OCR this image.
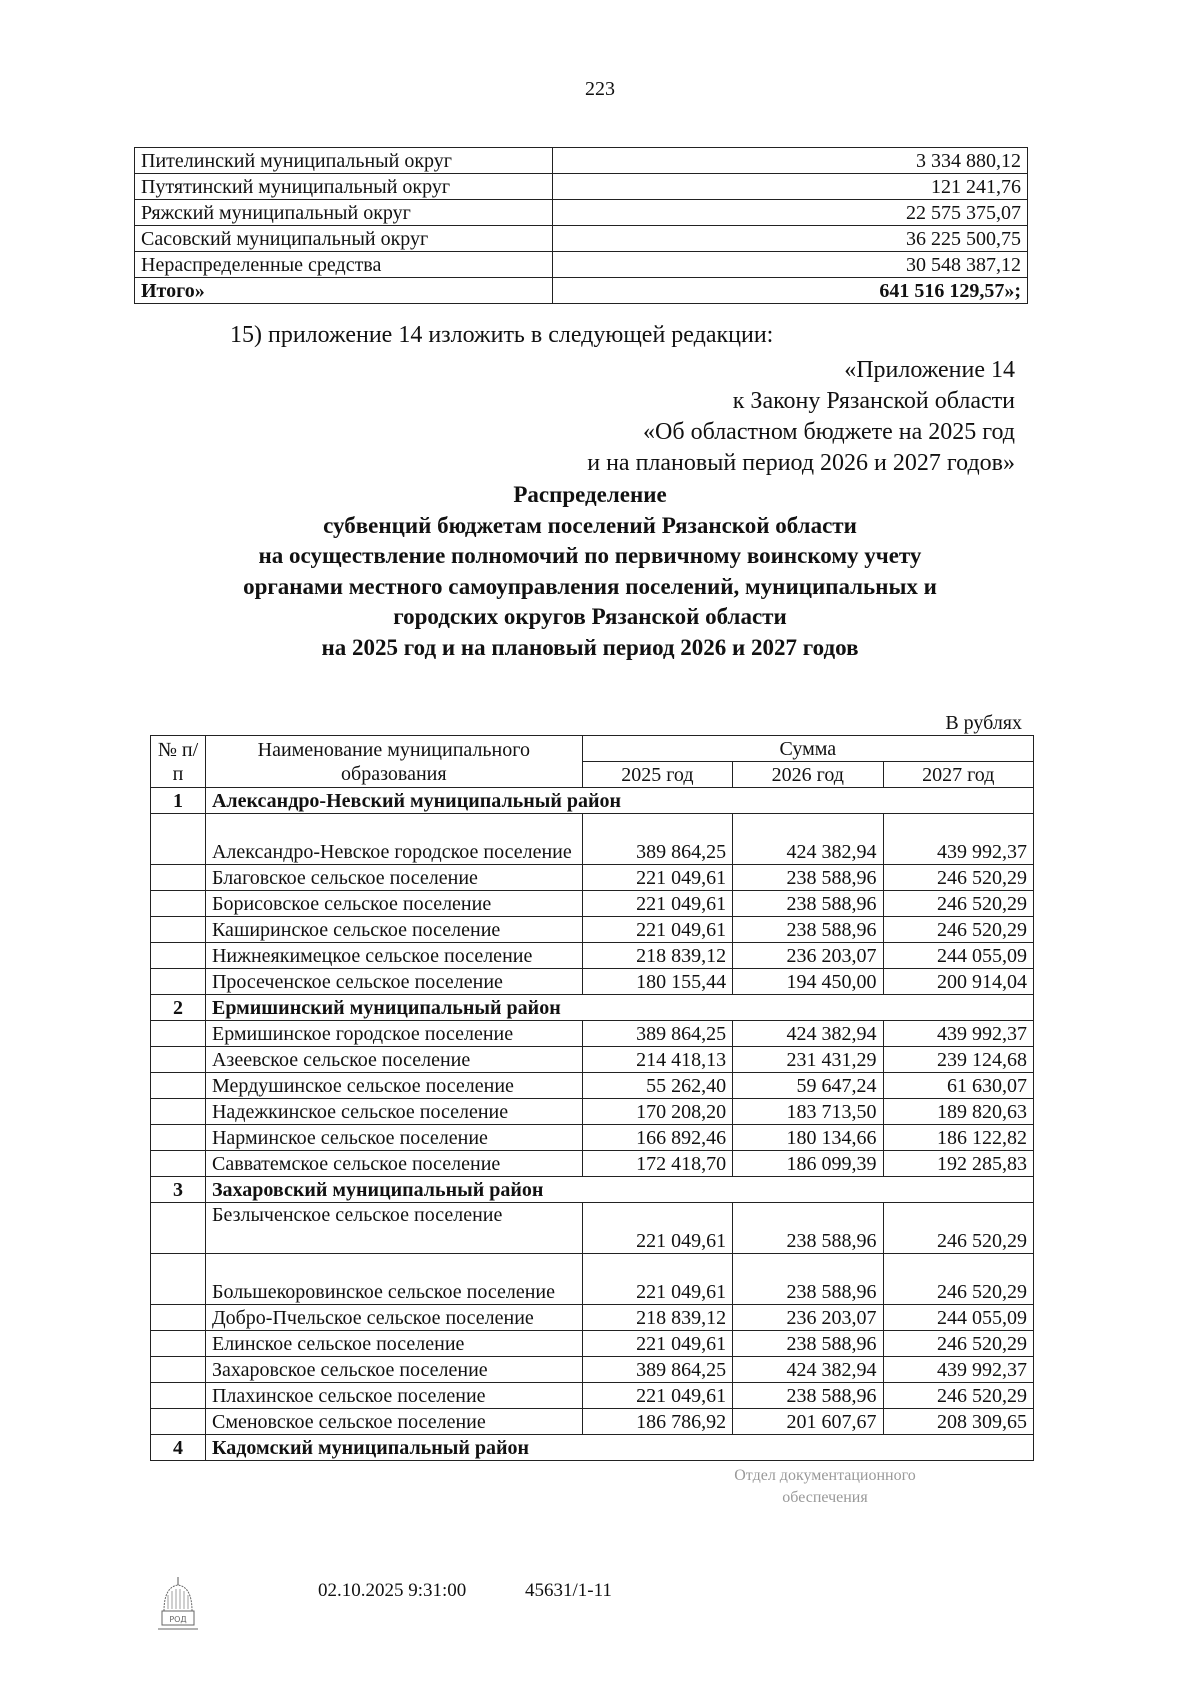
223
Пителинский муниципальный округ	3 334 880,12
Путятинский муниципальный округ	121 241,76
Ряжский муниципальный округ	22 575 375,07
Сасовский муниципальный округ	36 225 500,75
Нераспределенные средства	30 548 387,12
Итого»	641 516 129,57»;
15) приложение 14 изложить в следующей редакции:
«Приложение 14
к Закону Рязанской области
«Об областном бюджете на 2025 год
и на плановый период 2026 и 2027 годов»
Распределение
субвенций бюджетам поселений Рязанской области
на осуществление полномочий по первичному воинскому учету
органами местного самоуправления поселений, муниципальных и
городских округов Рязанской области
на 2025 год и на плановый период 2026 и 2027 годов
В рублях
№ п/п	Наименование муниципального образования	Сумма		
		2025 год	2026 год	2027 год
1	Александро-Невский муниципальный район			
	Александро-Невское городское поселение	389 864,25	424 382,94	439 992,37
	Благовское сельское поселение	221 049,61	238 588,96	246 520,29
	Борисовское сельское поселение	221 049,61	238 588,96	246 520,29
	Каширинское сельское поселение	221 049,61	238 588,96	246 520,29
	Нижнеякимецкое сельское поселение	218 839,12	236 203,07	244 055,09
	Просеченское сельское поселение	180 155,44	194 450,00	200 914,04
2	Ермишинский муниципальный район			
	Ермишинское городское поселение	389 864,25	424 382,94	439 992,37
	Азеевское сельское поселение	214 418,13	231 431,29	239 124,68
	Мердушинское сельское поселение	55 262,40	59 647,24	61 630,07
	Надежкинское сельское поселение	170 208,20	183 713,50	189 820,63
	Нарминское сельское поселение	166 892,46	180 134,66	186 122,82
	Савватемское сельское поселение	172 418,70	186 099,39	192 285,83
3	Захаровский муниципальный район			
	Безлыченское сельское поселение	221 049,61	238 588,96	246 520,29
	Большекоровинское сельское поселение	221 049,61	238 588,96	246 520,29
	Добро-Пчельское сельское поселение	218 839,12	236 203,07	244 055,09
	Елинское сельское поселение	221 049,61	238 588,96	246 520,29
	Захаровское сельское поселение	389 864,25	424 382,94	439 992,37
	Плахинское сельское поселение	221 049,61	238 588,96	246 520,29
	Сменовское сельское поселение	186 786,92	201 607,67	208 309,65
4	Кадомский муниципальный район			
РОД
02.10.2025 9:31:00	45631/1-11
Отдел документационного
обеспечения
